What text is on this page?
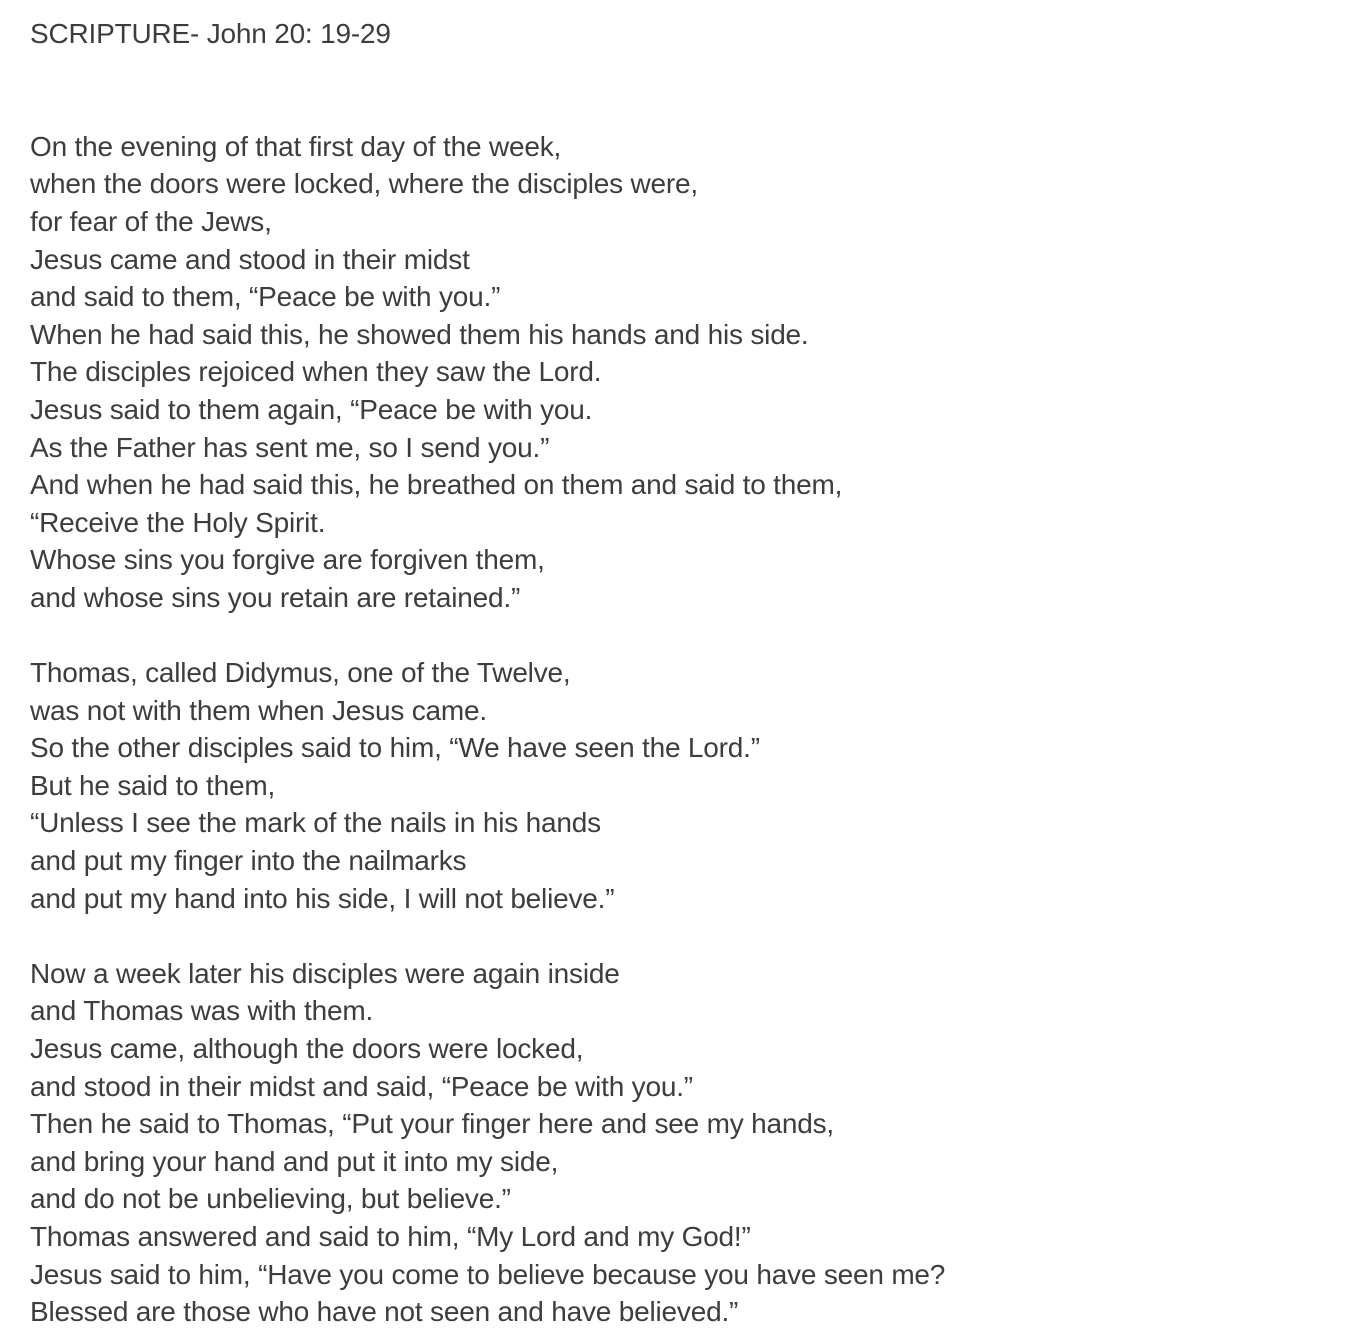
SCRIPTURE- John 20: 19-29
On the evening of that first day of the week,
when the doors were locked, where the disciples were,
for fear of the Jews,
Jesus came and stood in their midst
and said to them, “Peace be with you.”
When he had said this, he showed them his hands and his side.
The disciples rejoiced when they saw the Lord.
Jesus said to them again, “Peace be with you.
As the Father has sent me, so I send you.”
And when he had said this, he breathed on them and said to them,
“Receive the Holy Spirit.
Whose sins you forgive are forgiven them,
and whose sins you retain are retained.”
Thomas, called Didymus, one of the Twelve,
was not with them when Jesus came.
So the other disciples said to him, “We have seen the Lord.”
But he said to them,
“Unless I see the mark of the nails in his hands
and put my finger into the nailmarks
and put my hand into his side, I will not believe.”
Now a week later his disciples were again inside
and Thomas was with them.
Jesus came, although the doors were locked,
and stood in their midst and said, “Peace be with you.”
Then he said to Thomas, “Put your finger here and see my hands,
and bring your hand and put it into my side,
and do not be unbelieving, but believe.”
Thomas answered and said to him, “My Lord and my God!”
Jesus said to him, “Have you come to believe because you have seen me?
Blessed are those who have not seen and have believed.”
